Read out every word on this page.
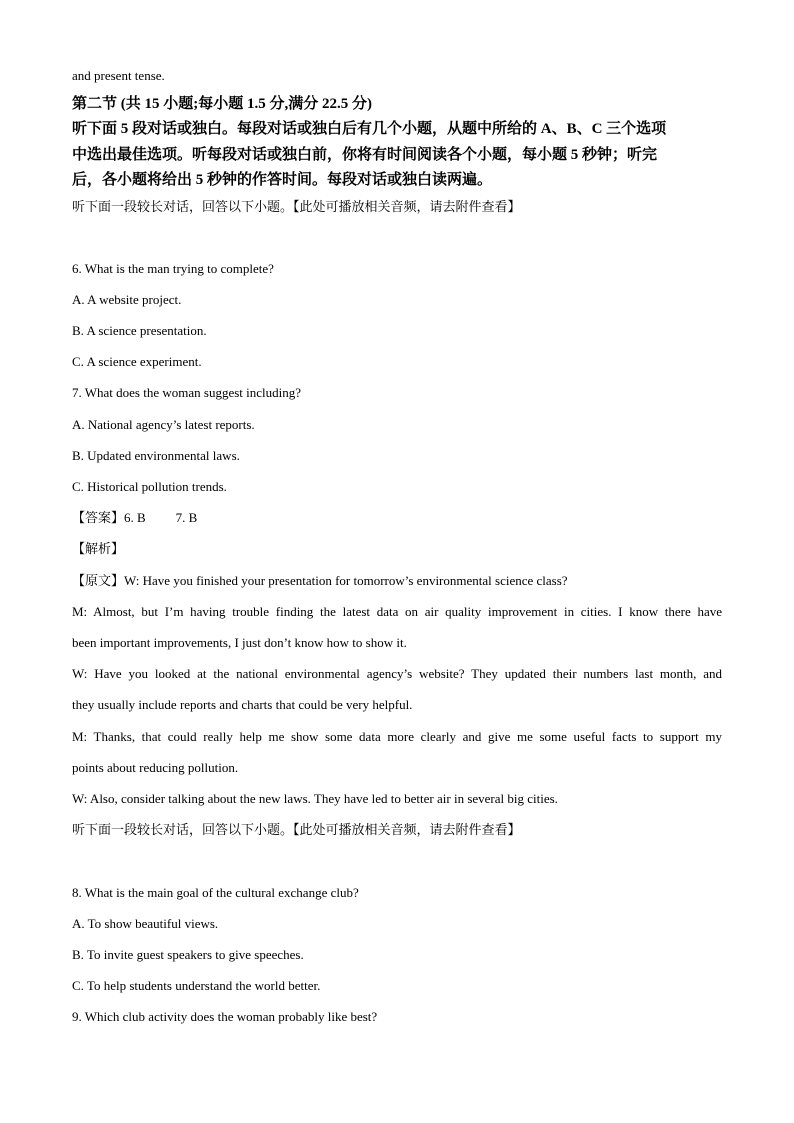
and present tense.
第二节 (共 15 小题;每小题 1.5 分,满分 22.5 分)
听下面 5 段对话或独白。每段对话或独白后有几个小题，从题中所给的 A、B、C 三个选项
中选出最佳选项。听每段对话或独白前，你将有时间阅读各个小题，每小题 5 秒钟；听完
后，各小题将给出 5 秒钟的作答时间。每段对话或独白读两遍。
听下面一段较长对话，回答以下小题。【此处可播放相关音频，请去附件查看】
6. What is the man trying to complete?
A. A website project.
B. A science presentation.
C. A science experiment.
7. What does the woman suggest including?
A. National agency’s latest reports.
B. Updated environmental laws.
C. Historical pollution trends.
【答案】6. B 7. B
【解析】
【原文】W: Have you finished your presentation for tomorrow’s environmental science class?
M: Almost, but I’m having trouble finding the latest data on air quality improvement in cities. I know there have
been important improvements, I just don’t know how to show it.
W: Have you looked at the national environmental agency’s website? They updated their numbers last month, and
they usually include reports and charts that could be very helpful.
M: Thanks, that could really help me show some data more clearly and give me some useful facts to support my
points about reducing pollution.
W: Also, consider talking about the new laws. They have led to better air in several big cities.
听下面一段较长对话，回答以下小题。【此处可播放相关音频，请去附件查看】
8. What is the main goal of the cultural exchange club?
A. To show beautiful views.
B. To invite guest speakers to give speeches.
C. To help students understand the world better.
9. Which club activity does the woman probably like best?
